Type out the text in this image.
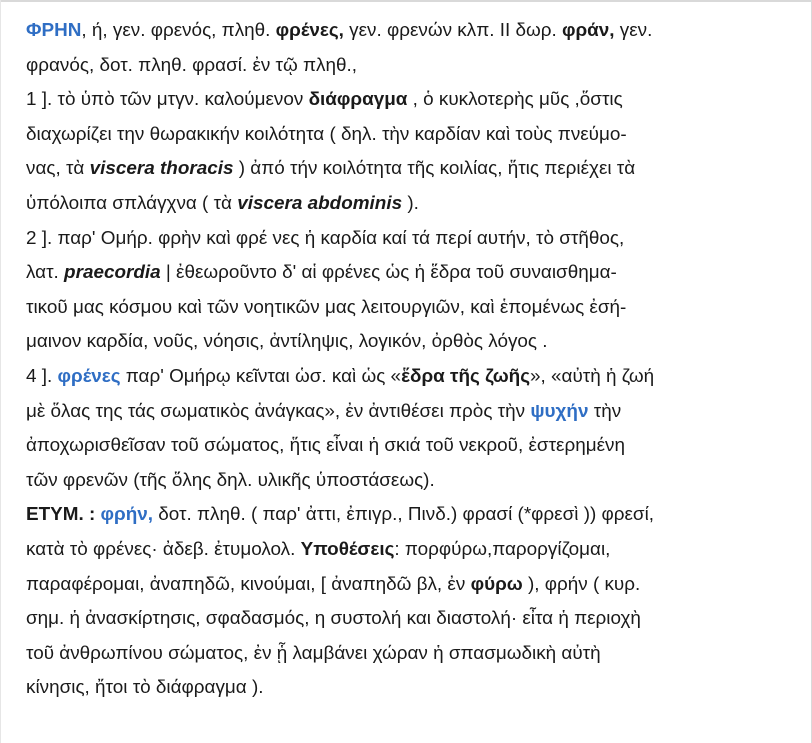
ΦΡΗΝ, ή, γεν. φρενός, πληθ. φρένες, γεν. φρενών κλπ. ΙΙ δωρ. φράν, γεν.
φρανός, δοτ. πληθ. φρασί. ἐν τῷ πληθ.,
1 ]. τὸ ὑπὸ τῶν μτγν. καλούμενον διάφραγμα , ὁ κυκλοτερὴς μῦς ,ὅστις
διαχωρίζει την θωρακικήν κοιλότητα ( δηλ. τὴν καρδίαν καὶ τοὺς πνεύμο-
νας, τὰ viscera thoracis ) ἀπό τήν κοιλότητα τῆς κοιλίας, ἥτις περιέχει τὰ
ὑπόλοιπα σπλάγχνα ( τὰ viscera abdominis ).
2 ]. παρ' Ομήρ. φρὴν καὶ φρέ νες ἡ καρδία καί τά περί αυτήν, τὸ στῆθος,
λατ. praecordia | ἐθεωροῦντο δ' αἱ φρένες ὡς ἡ ἕδρα τοῦ συναισθημα-
τικοῦ μας κόσμου καὶ τῶν νοητικῶν μας λειτουργιῶν, καὶ ἑπομένως ἐσή-
μαινον καρδία, νοῦς, νόησις, ἀντίληψις, λογικόν, ὀρθὸς λόγος .
4 ]. φρένες παρ' Ομήρῳ κεῖνται ὡσ. καὶ ὡς «ἕδρα τῆς ζωῆς», «αὐτὴ ἡ ζωή
μὲ ὅλας της τάς σωματικὸς ἀνάγκας», ἐν ἀντιθέσει πρὸς τὴν ψυχήν τὴν
ἀποχωρισθεῖσαν τοῦ σώματος, ἥτις εἶναι ἡ σκιά τοῦ νεκροῦ, ἐστερημένη
τῶν φρενῶν (τῆς ὅλης δηλ. υλικῆς ὑποστάσεως).
ΕΤΥΜ. : φρήν, δοτ. πληθ. ( παρ' ἀττι, ἐπιγρ., Πινδ.) φρασί (*φρεσὶ )) φρεσί,
κατὰ τὸ φρένες· ἀδεβ. ἐτυμολολ. Υποθέσεις: πορφύρω,παροργίζομαι,
παραφέρομαι, ἀναπηδῶ, κινούμαι, [ ἀναπηδῶ βλ, ἐν φύρω ), φρήν ( κυρ.
σημ. ἡ ἀνασκίρτησις, σφαδασμός, η συστολή και διαστολή· εἶτα ἡ περιοχὴ
τοῦ ἀνθρωπίνου σώματος, ἐν ᾗ λαμβάνει χώραν ἡ σπασμωδικὴ αὐτὴ
κίνησις, ἤτοι τὸ διάφραγμα ).
